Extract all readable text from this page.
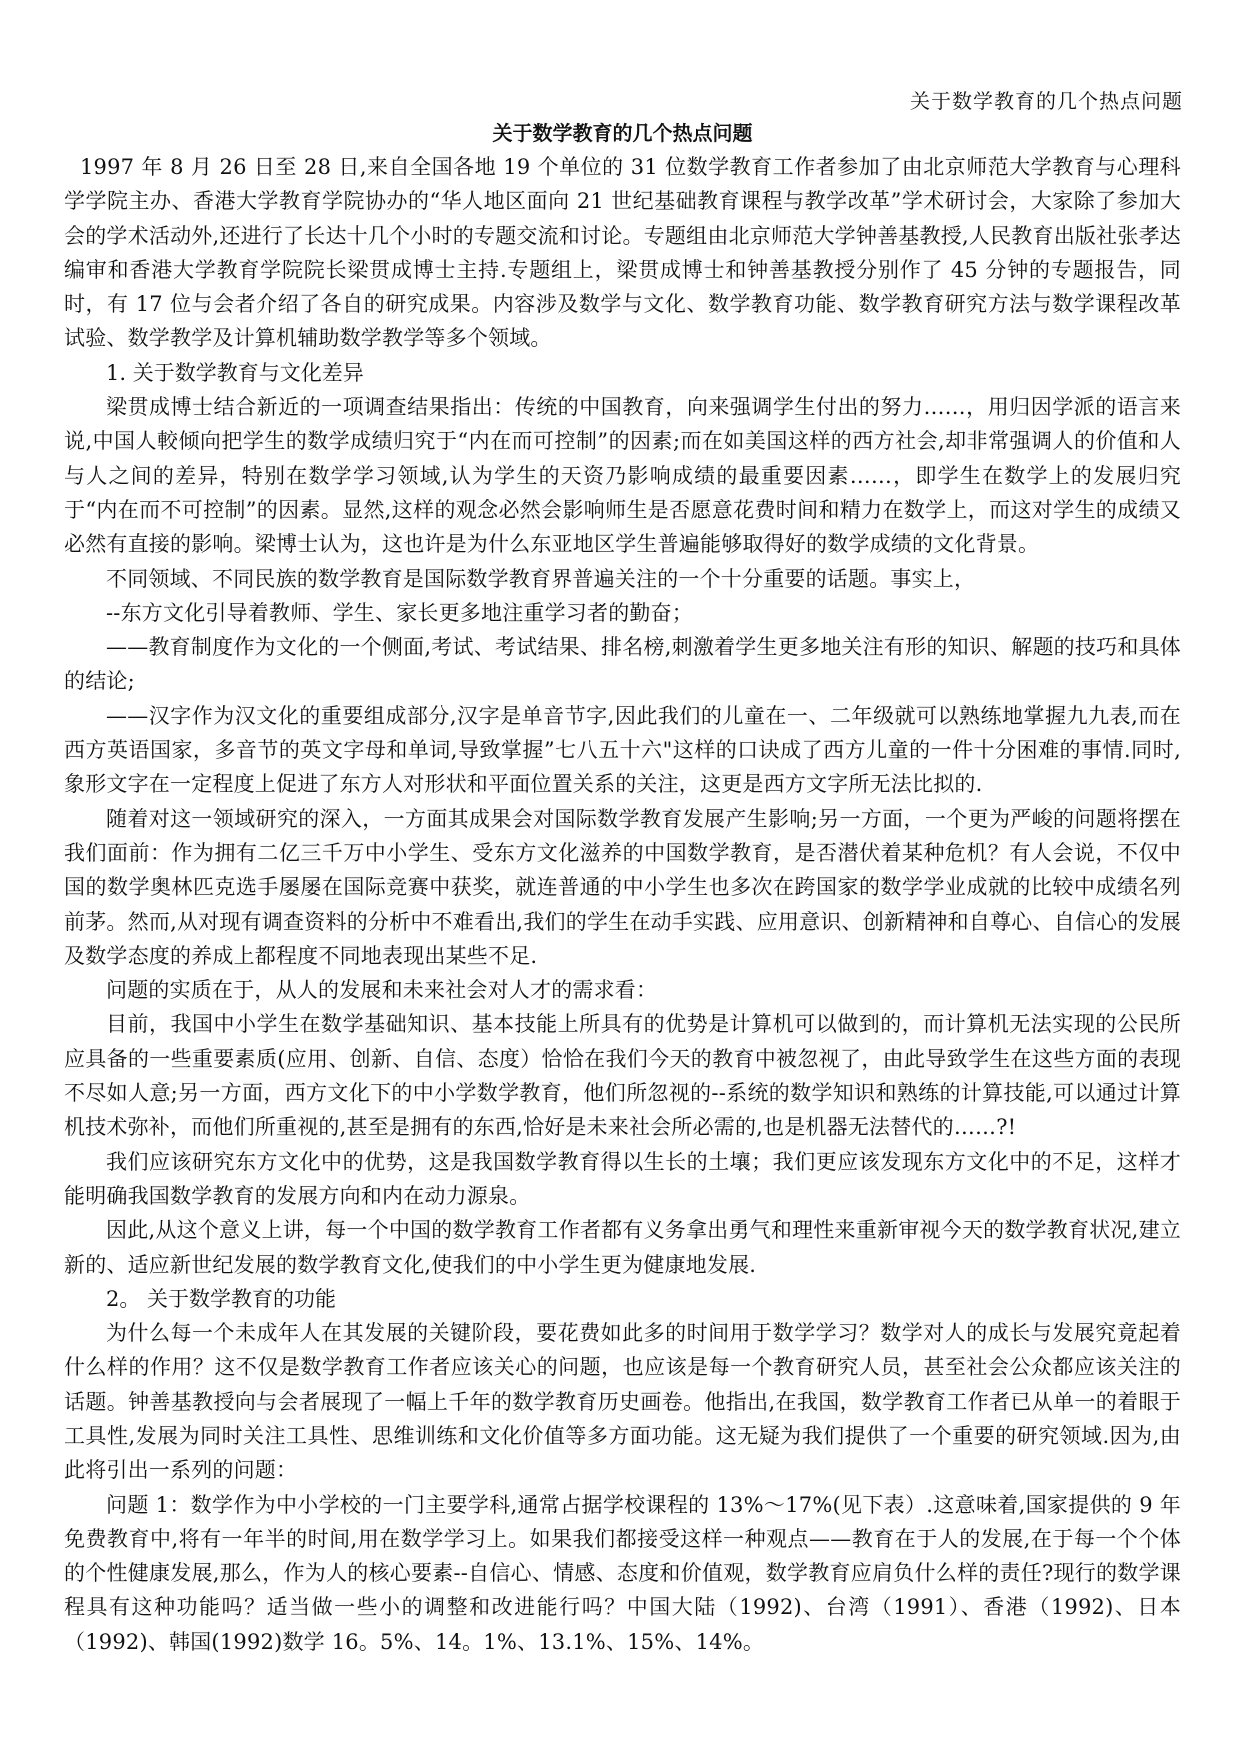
关于数学教育的几个热点问题
关于数学教育的几个热点问题

1997 年 8 月 26 日至 28 日,来自全国各地 19 个单位的 31 位数学教育工作者参加了由北京师范大学教育与心理科学学院主办、香港大学教育学院协办的“华人地区面向 21 世纪基础教育课程与教学改革”学术研讨会，大家除了参加大会的学术活动外,还进行了长达十几个小时的专题交流和讨论。专题组由北京师范大学钟善基教授,人民教育出版社张孝达编审和香港大学教育学院院长梁贯成博士主持.专题组上，梁贯成博士和钟善基教授分别作了 45 分钟的专题报告，同时，有 17 位与会者介绍了各自的研究成果。内容涉及数学与文化、数学教育功能、数学教育研究方法与数学课程改革试验、数学教学及计算机辅助数学教学等多个领域。

1. 关于数学教育与文化差异

梁贯成博士结合新近的一项调查结果指出：传统的中国教育，向来强调学生付出的努力……，用归因学派的语言来说,中国人較倾向把学生的数学成绩归究于“内在而可控制”的因素;而在如美国这样的西方社会,却非常强调人的价值和人与人之间的差异，特别在数学学习领域,认为学生的天资乃影响成绩的最重要因素……，即学生在数学上的发展归究于“内在而不可控制”的因素。显然,这样的观念必然会影响师生是否愿意花费时间和精力在数学上，而这对学生的成绩又必然有直接的影响。梁博士认为，这也许是为什么东亚地区学生普遍能够取得好的数学成绩的文化背景。

不同领域、不同民族的数学教育是国际数学教育界普遍关注的一个十分重要的话题。事实上，

--东方文化引导着教师、学生、家长更多地注重学习者的勤奋；

——教育制度作为文化的一个侧面,考试、考试结果、排名榜,刺激着学生更多地关注有形的知识、解题的技巧和具体的结论;

——汉字作为汉文化的重要组成部分,汉字是单音节字,因此我们的儿童在一、二年级就可以熟练地掌握九九表,而在西方英语国家，多音节的英文字母和单词,导致掌握”七八五十六"这样的口诀成了西方儿童的一件十分困难的事情.同时,象形文字在一定程度上促进了东方人对形状和平面位置关系的关注，这更是西方文字所无法比拟的.

随着对这一领域研究的深入，一方面其成果会对国际数学教育发展产生影响;另一方面，一个更为严峻的问题将摆在我们面前：作为拥有二亿三千万中小学生、受东方文化滋养的中国数学教育，是否潜伏着某种危机？有人会说，不仅中国的数学奥林匹克选手屡屡在国际竞赛中获奖，就连普通的中小学生也多次在跨国家的数学学业成就的比较中成绩名列前茅。然而,从对现有调查资料的分析中不难看出,我们的学生在动手实践、应用意识、创新精神和自尊心、自信心的发展及数学态度的养成上都程度不同地表现出某些不足.

问题的实质在于，从人的发展和未来社会对人才的需求看：

目前，我国中小学生在数学基础知识、基本技能上所具有的优势是计算机可以做到的，而计算机无法实现的公民所应具备的一些重要素质(应用、创新、自信、态度）恰恰在我们今天的教育中被忽视了，由此导致学生在这些方面的表现不尽如人意;另一方面，西方文化下的中小学数学教育，他们所忽视的--系统的数学知识和熟练的计算技能,可以通过计算机技术弥补，而他们所重视的,甚至是拥有的东西,恰好是未来社会所必需的,也是机器无法替代的……?!

我们应该研究东方文化中的优势，这是我国数学教育得以生长的土壤；我们更应该发现东方文化中的不足，这样才能明确我国数学教育的发展方向和内在动力源泉。

因此,从这个意义上讲，每一个中国的数学教育工作者都有义务拿出勇气和理性来重新审视今天的数学教育状况,建立新的、适应新世纪发展的数学教育文化,使我们的中小学生更为健康地发展.

2。 关于数学教育的功能

为什么每一个未成年人在其发展的关键阶段，要花费如此多的时间用于数学学习？数学对人的成长与发展究竟起着什么样的作用？这不仅是数学教育工作者应该关心的问题，也应该是每一个教育研究人员，甚至社会公众都应该关注的话题。钟善基教授向与会者展现了一幅上千年的数学教育历史画卷。他指出,在我国，数学教育工作者已从单一的着眼于工具性,发展为同时关注工具性、思维训练和文化价值等多方面功能。这无疑为我们提供了一个重要的研究领域.因为,由此将引出一系列的问题：

问题 1：数学作为中小学校的一门主要学科,通常占据学校课程的 13%～17%(见下表）.这意味着,国家提供的 9 年免费教育中,将有一年半的时间,用在数学学习上。如果我们都接受这样一种观点——教育在于人的发展,在于每一个个体的个性健康发展,那么，作为人的核心要素--自信心、情感、态度和价值观，数学教育应肩负什么样的责任?现行的数学课程具有这种功能吗？适当做一些小的调整和改进能行吗？中国大陆（1992)、台湾（1991）、香港（1992)、日本（1992)、韩国(1992)数学 16。5%、14。1%、13.1%、15%、14%。
